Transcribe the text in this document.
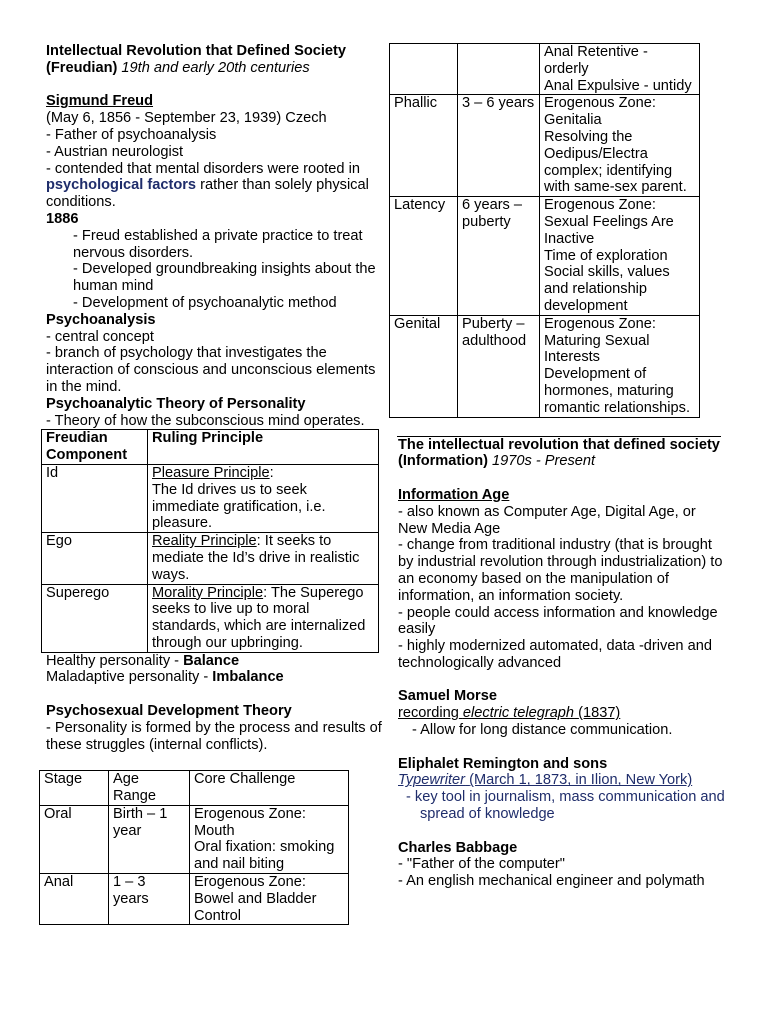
Intellectual Revolution that Defined Society (Freudian) 19th and early 20th centuries

Sigmund Freud

(May 6, 1856 - September 23, 1939) Czech

- Father of psychoanalysis

- Austrian neurologist

- contended that mental disorders were rooted in psychological factors rather than solely physical conditions.

1886

- Freud established a private practice to treat nervous disorders.

- Developed groundbreaking insights about the human mind

- Development of psychoanalytic method

Psychoanalysis

- central concept

- branch of psychology that investigates the interaction of conscious and unconscious elements in the mind.

Psychoanalytic Theory of Personality

- Theory of how the subconscious mind operates.

Freudian Component	Ruling Principle
Id	Pleasure Principle:
The Id drives us to seek immediate gratification, i.e. pleasure.
Ego	Reality Principle: It seeks to mediate the Id’s drive in realistic ways.
Superego	Morality Principle: The Superego seeks to live up to moral standards, which are internalized through our upbringing.

Healthy personality - Balance

Maladaptive personality - Imbalance

Psychosexual Development Theory

- Personality is formed by the process and results of these struggles (internal conflicts).

Stage	Age Range	Core Challenge
Oral	Birth – 1 year	Erogenous Zone: Mouth
Oral fixation: smoking and nail biting

Anal	1 – 3 years	Erogenous Zone: Bowel and Bladder Control

		Anal Retentive - orderly
Anal Expulsive - untidy

Phallic	3 – 6 years	Erogenous Zone: Genitalia
Resolving the Oedipus/Electra complex; identifying with same-sex parent.

Latency	6 years – puberty	Erogenous Zone: Sexual Feelings Are Inactive
Time of exploration
Social skills, values and relationship development

Genital	Puberty – adulthood	Erogenous Zone: Maturing Sexual Interests
Development of hormones, maturing romantic relationships.

The intellectual revolution that defined society (Information) 1970s - Present

Information Age

- also known as Computer Age, Digital Age, or New Media Age

- change from traditional industry (that is brought by industrial revolution through industrialization) to an economy based on the manipulation of information, an information society.

- people could access information and knowledge easily

- highly modernized automated, data -driven and technologically advanced

Samuel Morse

recording electric telegraph (1837)

- Allow for long distance communication.

Eliphalet Remington and sons

Typewriter (March 1, 1873, in Ilion, New York)

- key tool in journalism, mass communication and spread of knowledge

Charles Babbage

- "Father of the computer"

- An english mechanical engineer and polymath
